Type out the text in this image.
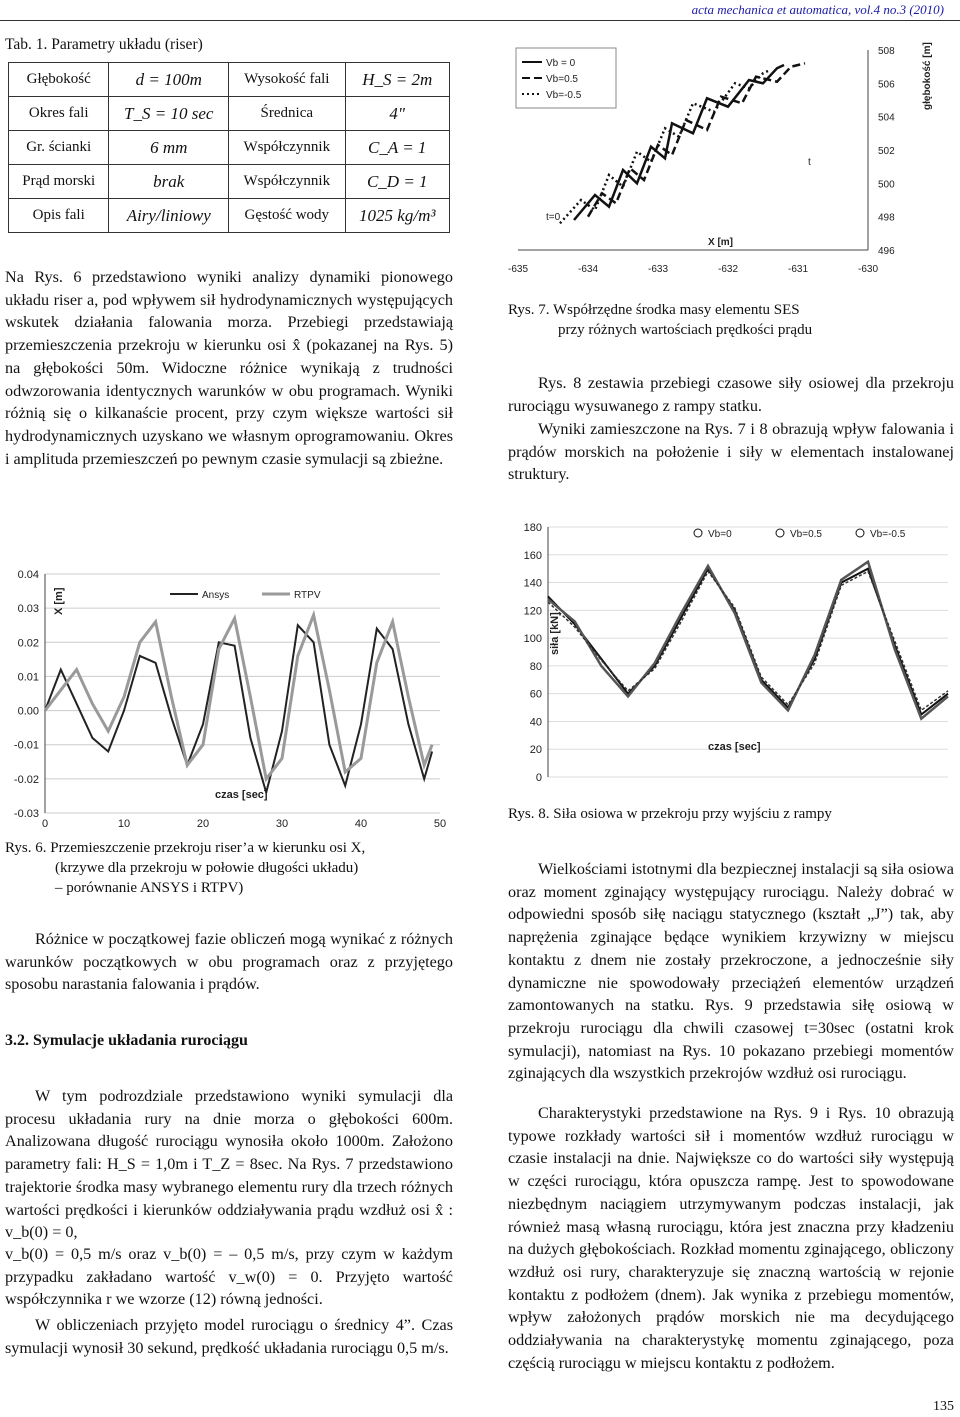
acta mechanica et automatica, vol.4 no.3 (2010)
Tab. 1. Parametry układu (riser)
Głębokość	d = 100m	Wysokość fali	H_S = 2m
Okres fali	T_S = 10 sec	Średnica	4"
Gr. ścianki	6 mm	Współczynnik	C_A = 1
Prąd morski	brak	Współczynnik	C_D = 1
Opis fali	Airy/liniowy	Gęstość wody	1025 kg/m³

Na Rys. 6 przedstawiono wyniki analizy dynamiki pionowego układu riser a, pod wpływem sił hydrodynamicznych występujących wskutek działania falowania morza. Przebiegi przedstawiają przemieszczenia przekroju w kierunku osi x̂ (pokazanej na Rys. 5) na głębokości 50m. Widoczne różnice wynikają z trudności odwzorowania identycznych warunków w obu programach. Wyniki różnią się o kilkanaście procent, przy czym większe wartości sił hydrodynamicznych uzyskano we własnym oprogramowaniu. Okres i amplituda przemieszczeń po pewnym czasie symulacji są zbieżne.

0.04
0.03
0.02
0.01
0.00
-0.01
-0.02
-0.03
0	10	20	30	40	50
X [m]
czas [sec]
Ansys	RTPV
Rys. 6. Przemieszczenie przekroju riser’a w kierunku osi X,
(krzywe dla przekroju w połowie długości układu)
– porównanie ANSYS i RTPV)

Różnice w początkowej fazie obliczeń mogą wynikać z różnych warunków początkowych w obu programach oraz z przyjętego sposobu narastania falowania i prądów.

3.2. Symulacje układania rurociągu

W tym podrozdziale przedstawiono wyniki symulacji dla procesu układania rury na dnie morza o głębokości 600m. Analizowana długość rurociągu wynosiła około 1000m. Założono parametry fali: H_S = 1,0m i T_Z = 8sec. Na Rys. 7 przedstawiono trajektorie środka masy wybranego elementu rury dla trzech różnych wartości prędkości i kierunków oddziaływania prądu wzdłuż osi x̂ : v_b(0) = 0,

v_b(0) = 0,5 m/s oraz v_b(0) = – 0,5 m/s, przy czym w każdym przypadku zakładano wartość v_w(0) = 0. Przyjęto wartość współczynnika r we wzorze (12) równą jedności.

W obliczeniach przyjęto model rurociągu o średnicy 4”. Czas symulacji wynosił 30 sekund, prędkość układania rurociągu 0,5 m/s.

-635	-634	-633	-632	-631	-630
508
506
504
502
500
498
496
X [m]
głębokość [m]
t=0
t
Vb = 0
Vb=0.5
Vb=-0.5
Rys. 7. Współrzędne środka masy elementu SES
przy różnych wartościach prędkości prądu

Rys. 8 zestawia przebiegi czasowe siły osiowej dla przekroju rurociągu wysuwanego z rampy statku.

Wyniki zamieszczone na Rys. 7 i 8 obrazują wpływ falowania i prądów morskich na położenie i siły w elementach instalowanej struktury.

180
160
140
120
100
80
60
40
20
0
czas [sec]
siła [kN]
Vb=0	Vb=0.5	Vb=-0.5
Rys. 8. Siła osiowa w przekroju przy wyjściu z rampy

Wielkościami istotnymi dla bezpiecznej instalacji są siła osiowa oraz moment zginający występujący rurociągu. Należy dobrać w odpowiedni sposób siłę naciągu statycznego (kształt „J”) tak, aby naprężenia zginające będące wynikiem krzywizny w miejscu kontaktu z dnem nie zostały przekroczone, a jednocześnie siły dynamiczne nie spowodowały przeciążeń elementów urządzeń zamontowanych na statku. Rys. 9 przedstawia siłę osiową w przekroju rurociągu dla chwili czasowej t=30sec (ostatni krok symulacji), natomiast na Rys. 10 pokazano przebiegi momentów zginających dla wszystkich przekrojów wzdłuż osi rurociągu.

Charakterystyki przedstawione na Rys. 9 i Rys. 10 obrazują typowe rozkłady wartości sił i momentów wzdłuż rurociągu w czasie instalacji na dnie. Największe co do wartości siły występują w części rurociągu, która opuszcza rampę. Jest to spowodowane niezbędnym naciągiem utrzymywanym podczas instalacji, jak również masą własną rurociągu, która jest znaczna przy kładzeniu na dużych głębokościach. Rozkład momentu zginającego, obliczony wzdłuż osi rury, charakteryzuje się znaczną wartością w rejonie kontaktu z podłożem (dnem). Jak wynika z przebiegu momentów, wpływ założonych prądów morskich nie ma decydującego oddziaływania na charakterystykę momentu zginającego, poza częścią rurociągu w miejscu kontaktu z podłożem.

135
